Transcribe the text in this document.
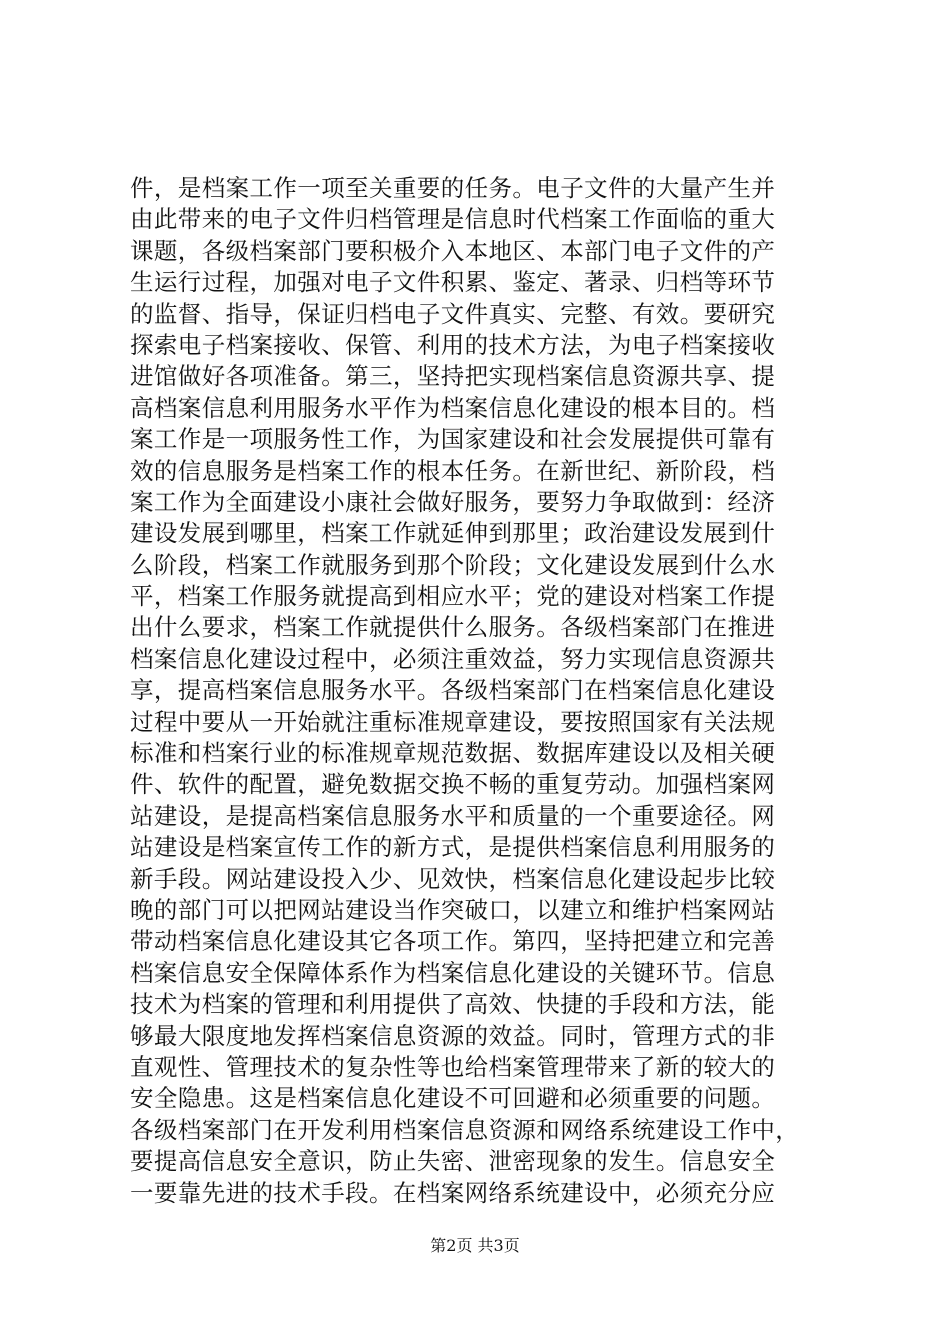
件，是档案工作一项至关重要的任务。电子文件的大量产生并
由此带来的电子文件归档管理是信息时代档案工作面临的重大
课题，各级档案部门要积极介入本地区、本部门电子文件的产
生运行过程，加强对电子文件积累、鉴定、著录、归档等环节
的监督、指导，保证归档电子文件真实、完整、有效。要研究
探索电子档案接收、保管、利用的技术方法，为电子档案接收
进馆做好各项准备。第三，坚持把实现档案信息资源共享、提
高档案信息利用服务水平作为档案信息化建设的根本目的。档
案工作是一项服务性工作，为国家建设和社会发展提供可靠有
效的信息服务是档案工作的根本任务。在新世纪、新阶段，档
案工作为全面建设小康社会做好服务，要努力争取做到：经济
建设发展到哪里，档案工作就延伸到那里；政治建设发展到什
么阶段，档案工作就服务到那个阶段；文化建设发展到什么水
平，档案工作服务就提高到相应水平；党的建设对档案工作提
出什么要求，档案工作就提供什么服务。各级档案部门在推进
档案信息化建设过程中，必须注重效益，努力实现信息资源共
享，提高档案信息服务水平。各级档案部门在档案信息化建设
过程中要从一开始就注重标准规章建设，要按照国家有关法规
标准和档案行业的标准规章规范数据、数据库建设以及相关硬
件、软件的配置，避免数据交换不畅的重复劳动。加强档案网
站建设，是提高档案信息服务水平和质量的一个重要途径。网
站建设是档案宣传工作的新方式，是提供档案信息利用服务的
新手段。网站建设投入少、见效快，档案信息化建设起步比较
晚的部门可以把网站建设当作突破口，以建立和维护档案网站
带动档案信息化建设其它各项工作。第四，坚持把建立和完善
档案信息安全保障体系作为档案信息化建设的关键环节。信息
技术为档案的管理和利用提供了高效、快捷的手段和方法，能
够最大限度地发挥档案信息资源的效益。同时，管理方式的非
直观性、管理技术的复杂性等也给档案管理带来了新的较大的
安全隐患。这是档案信息化建设不可回避和必须重要的问题。
各级档案部门在开发利用档案信息资源和网络系统建设工作中，
要提高信息安全意识，防止失密、泄密现象的发生。信息安全
一要靠先进的技术手段。在档案网络系统建设中，必须充分应
第2页 共3页
